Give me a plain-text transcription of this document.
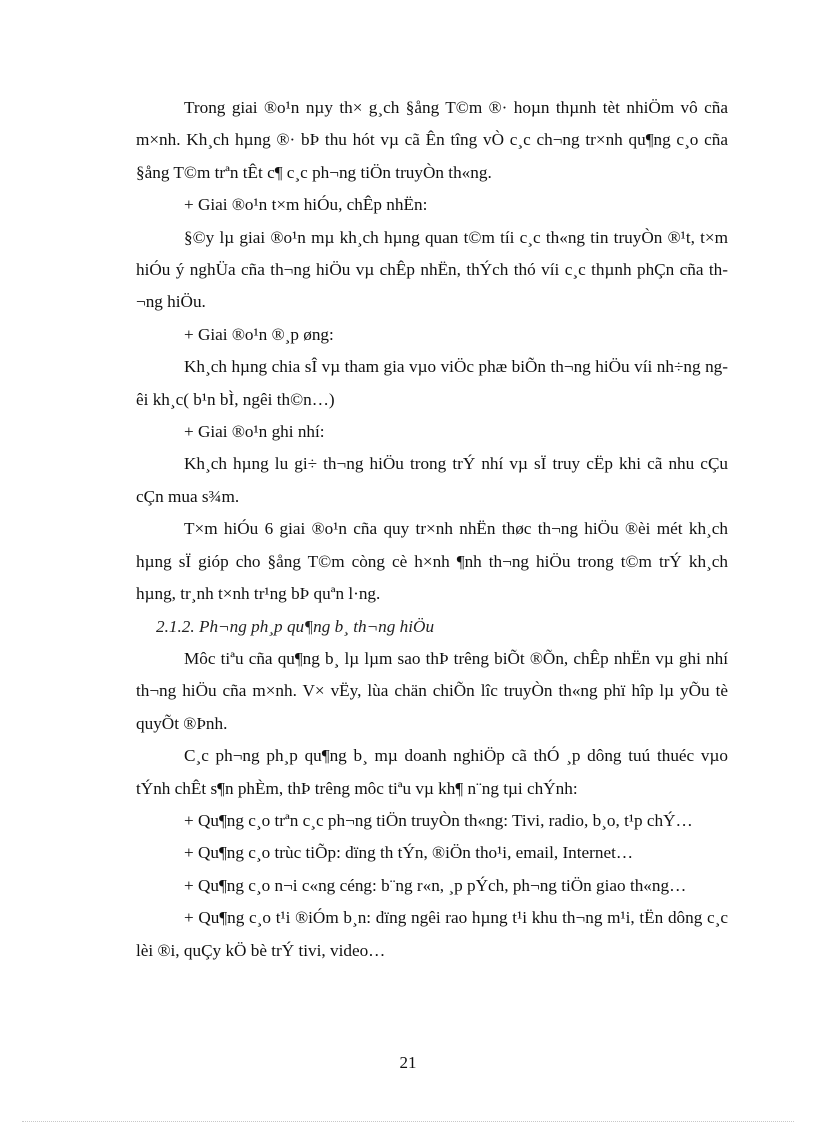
Trong giai ®o¹n nµy th× g¸ch §ång T©m ®· hoµn thµnh tèt nhiÖm vô cña m×nh. Kh¸ch hµng ®· bÞ thu hót vµ cã Ên tîng vÒ c¸c ch¬ng tr×nh qu¶ng c¸o cña §ång T©m trªn tÊt c¶ c¸c ph¬ng tiÖn truyÒn th«ng.

+ Giai ®o¹n t×m hiÓu, chÊp nhËn:

§©y lµ giai ®o¹n mµ kh¸ch hµng quan t©m tíi c¸c th«ng tin truyÒn ®¹t, t×m hiÓu ý nghÜa cña th¬ng hiÖu vµ chÊp nhËn, thÝch thó víi c¸c thµnh phÇn cña th¬ng hiÖu.

+ Giai ®o¹n ®¸p øng:

Kh¸ch hµng chia sÎ vµ tham gia vµo viÖc phæ biÕn th¬ng hiÖu víi nh÷ng ngêi kh¸c( b¹n bÌ, ngêi th©n…)

+ Giai ®o¹n ghi nhí:

Kh¸ch hµng lu gi÷ th¬ng hiÖu trong trÝ nhí vµ sÏ truy cËp khi cã nhu cÇu cÇn mua s¾m.

T×m hiÓu 6 giai ®o¹n cña quy tr×nh nhËn thøc th¬ng hiÖu ®èi mét kh¸ch hµng sÏ gióp cho §ång T©m còng cè h×nh ¶nh th¬ng hiÖu trong t©m trÝ kh¸ch hµng, tr¸nh t×nh tr¹ng bÞ quªn l·ng.

2.1.2. Ph¬ng ph¸p qu¶ng b¸ th¬ng hiÖu

Môc tiªu cña qu¶ng b¸ lµ lµm sao thÞ trêng biÕt ®Õn, chÊp nhËn vµ ghi nhí th¬ng hiÖu cña m×nh. V× vËy, lùa chän chiÕn lîc truyÒn th«ng phï hîp lµ yÕu tè quyÕt ®Þnh.

C¸c ph¬ng ph¸p qu¶ng b¸ mµ doanh nghiÖp cã thÓ ¸p dông tuú thuéc vµo tÝnh chÊt s¶n phÈm, thÞ trêng môc tiªu vµ kh¶ n¨ng tµi chÝnh:

+ Qu¶ng c¸o trªn c¸c ph¬ng tiÖn truyÒn th«ng: Tivi, radio, b¸o, t¹p chÝ…

+ Qu¶ng c¸o trùc tiÕp: dïng th tÝn, ®iÖn tho¹i, email, Internet…

+ Qu¶ng c¸o n¬i c«ng céng: b¨ng r«n, ¸p pÝch, ph¬ng tiÖn giao th«ng…

+ Qu¶ng c¸o t¹i ®iÓm b¸n: dïng ngêi rao hµng t¹i khu th¬ng m¹i, tËn dông c¸c lèi ®i, quÇy kÖ bè trÝ tivi, video…

21
